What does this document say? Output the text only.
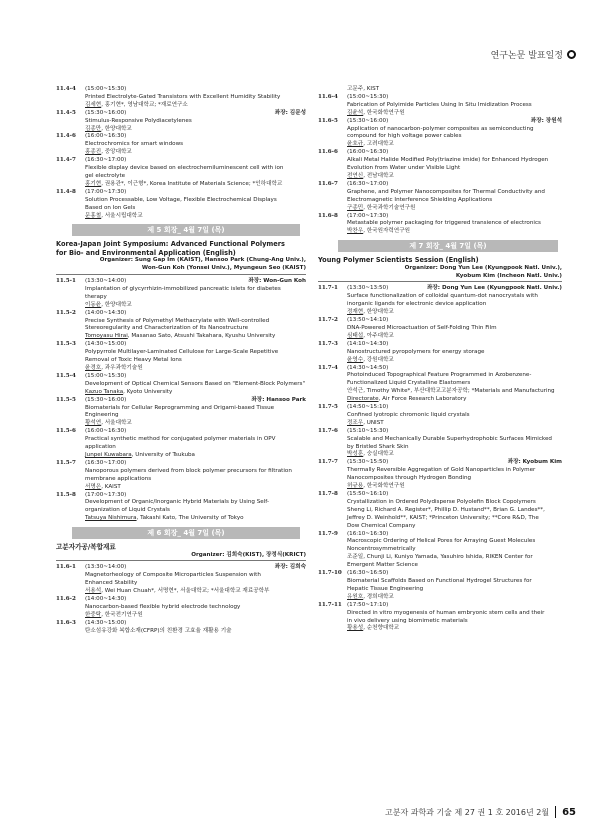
연구논문 발표일정
11.4-4	(15:00~15:30)
Printed Electrolyte-Gated Transistors with Excellent Humidity Stability
김세현, 홍기현*, 영남대학교; *재료연구소
11.4-5	(15:30~16:00)	좌장: 김문성
Stimulus-Responsive Polydiacetylenes
김종만, 한양대학교
11.4-6	(16:00~16:30)
Electrochromics for smart windows
홍종진, 중앙대학교
11.4-7	(16:30~17:00)
Flexible display device based on electrochemiluminescent cell with ion
gel electrolyte
홍기현, 권용관*, 이근형*, Korea Institute of Materials Science; *인하대학교
11.4-8	(17:00~17:30)
Solution Processable, Low Voltage, Flexible Electrochemical Displays
Based on Ion Gels
문홍철, 서울시립대학교
제 5 회장_ 4월 7일 (목)
Korea-Japan Joint Symposium: Advanced Functional Polymers
for Bio- and Environmental Application (English)
Organizer: Sung Gap Im (KAIST), Hansoo Park (Chung-Ang Univ.),
Won-Gun Koh (Yonsei Univ.), Myungeun Seo (KAIST)
11.5-1	(13:30~14:00)	좌장: Won-Gun Koh
Implantation of glycyrrhizin-immobilized pancreatic islets for diabetes
therapy
이동윤, 한양대학교
11.5-2	(14:00~14:30)
Precise Synthesis of Polymethyl Methacrylate with Well-controlled
Stereoregularity and Characterization of Its Nanostructure
Tomoyasu Hirai, Masanao Sato, Atsushi Takahara, Kyushu University
11.5-3	(14:30~15:00)
Polypyrrole Multilayer-Laminated Cellulose for Large-Scale Repetitive
Removal of Toxic Heavy Metal Ions
윤경호, 과우과학기술원
11.5-4	(15:00~15:30)
Development of Optical Chemical Sensors Based on "Element-Block Polymers"
Kazuo Tanaka, Kyoto University
11.5-5	(15:30~16:00)	좌장: Hansoo Park
Biomaterials for Cellular Reprogramming and Origami-based Tissue
Engineering
황석연, 서울대학교
11.5-6	(16:00~16:30)
Practical synthetic method for conjugated polymer materials in OPV
application
Junpei Kuwabara, University of Tsukuba
11.5-7	(16:30~17:00)
Nanoporous polymers derived from block polymer precursors for filtration
membrane applications
서명은, KAIST
11.5-8	(17:00~17:30)
Development of Organic/Inorganic Hybrid Materials by Using Self-
organization of Liquid Crystals
Tatsuya Nishimura, Takashi Kato, The University of Tokyo
제 6 회장_ 4월 7일 (목)
고분자가공/복합재료
Organizer: 김희숙(KIST), 장정식(KRICT)
11.6-1	(13:30~14:00)	좌장: 김희숙
Magnetorheology of Composite Microparticles Suspension with
Enhanced Stability
서용석, Wei Huan Chuah*, 서명현*, 서울대학교; *서울대학교 재료공학부
11.6-2	(14:00~14:30)
Nanocarbon-based flexible hybrid electrode technology
한중탁, 한국전기연구원
11.6-3	(14:30~15:00)
탄소섬유강화 복합소재(CFRP)의 친환경 고효율 재활용 기술
고문주, KIST
11.6-4	(15:00~15:30)
Fabrication of Polyimide Particles Using In Situ Imidization Process
김윤석, 한국화학연구원
11.6-5	(15:30~16:00)	좌장: 장원석
Application of nanocarbon-polymer composites as semiconducting
compound for high voltage power cables
윤호규, 고려대학교
11.6-6	(16:00~16:30)
Alkali Metal Halide Modified Poly(triazine imide) for Enhanced Hydrogen
Evolution from Water under Visible Light
전연신, 전남대학교
11.6-7	(16:30~17:00)
Graphene, and Polymer Nanocomposites for Thermal Conductivity and
Electromagnetic Interference Shielding Applications
구종민, 한국과학기술연구원
11.6-8	(17:00~17:30)
Metastable polymer packaging for triggered transience of electronics
박찬우, 한국원자력연구원
제 7 회장_ 4월 7일 (목)
Young Polymer Scientists Session (English)
Organizer: Dong Yun Lee (Kyungpook Natl. Univ.),
Kyobum Kim (Incheon Natl. Univ.)
11.7-1	(13:30~13:50)	좌장: Dong Yun Lee (Kyungpook Natl. Univ.)
Surface functionalization of colloidal quantum-dot nanocrystals with
inorganic ligands for electronic device application
정재현, 한양대학교
11.7-2	(13:50~14:10)
DNA-Powered Microactuation of Self-Folding Thin Film
심태섭, 아주대학교
11.7-3	(14:10~14:30)
Nanostructured pyropolymers for energy storage
윤영수, 강원대학교
11.7-4	(14:30~14:50)
Photoinduced Topographical Feature Programmed in Azobenzene-
Functionalized Liquid Crystalline Elastomers
안석근, Timothy White*, 부산대학교고분자공학; *Materials and Manufacturing
Directorate, Air Force Research Laboratory
11.7-5	(14:50~15:10)
Confined lyotropic chromonic liquid crystals
정조우, UNIST
11.7-6	(15:10~15:30)
Scalable and Mechanically Durable Superhydrophobic Surfaces Mimicked
by Bristled Shark Skin
박성훈, 숭실대학교
11.7-7	(15:30~15:50)	좌장: Kyobum Kim
Thermally Reversible Aggregation of Gold Nanoparticles in Polymer
Nanocomposites through Hydrogen Bonding
허규용, 한국화학연구원
11.7-8	(15:50~16:10)
Crystallization in Ordered Polydisperse Polyolefin Block Copolymers
Sheng Li, Richard A. Register*, Phillip D. Hustand**, Brian G. Landes**,
Jeffrey D. Weinhold**, KAIST; *Princeton University; **Core R&D, The
Dow Chemical Company
11.7-9	(16:10~16:30)
Macroscopic Ordering of Helical Pores for Arraying Guest Molecules
Noncentrosymmetrically
조준일, Chunji Li, Kuniyo Yamada, Yasuhiro Ishida, RIKEN Center for
Emergent Matter Science
11.7-10 (16:30~16:50)
Biomaterial Scaffolds Based on Functional Hydrogel Structures for
Hepatic Tissue Engineering
유원호, 경희대학교
11.7-11 (17:50~17:10)
Directed in vitro myogenesis of human embryonic stem cells and their
in vivo delivery using biomimetic materials
황용성, 순천향대학교
고분자 과학과 기술 제 27 권 1 호 2016년 2월 65
